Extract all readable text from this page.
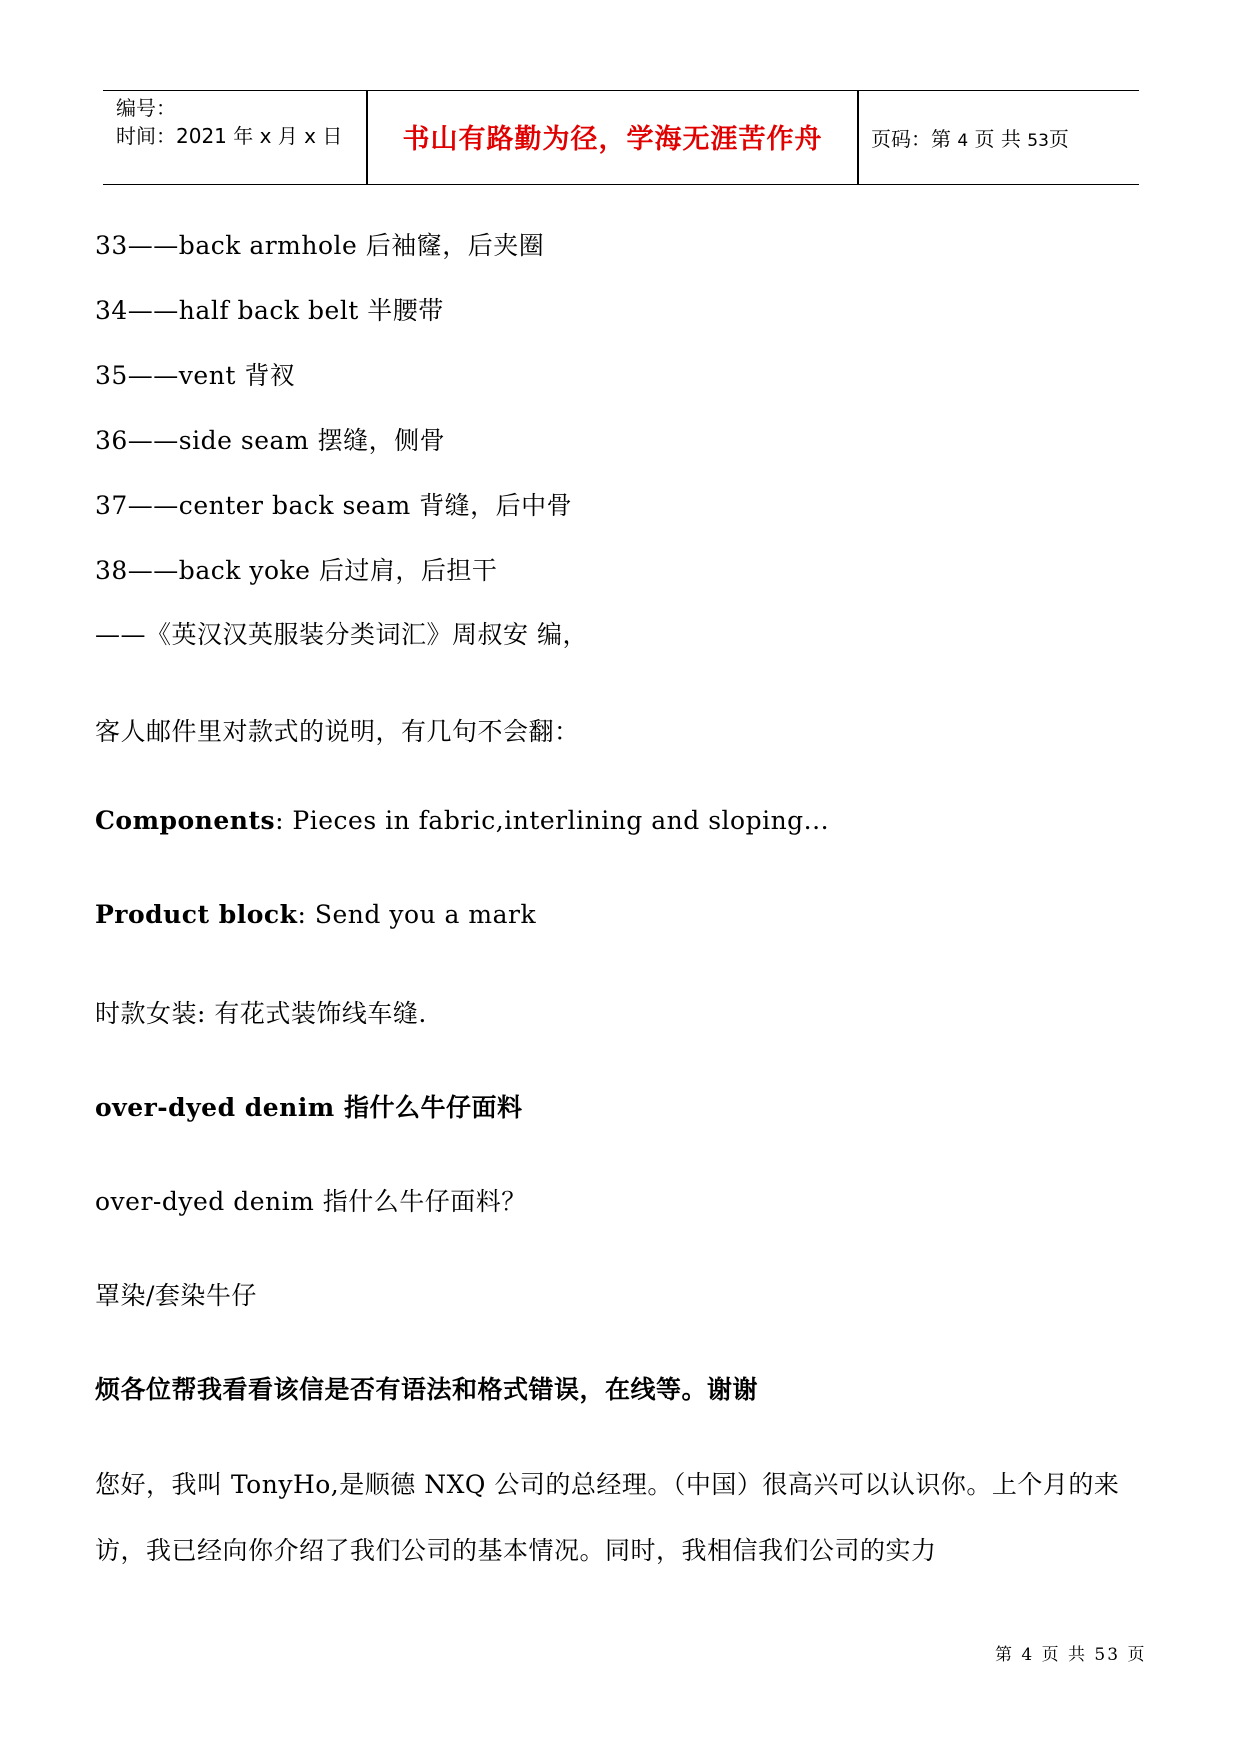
编号：
时间：2021 年 x 月 x 日	书山有路勤为径，学海无涯苦作舟	页码：第 4 页 共 53页
33——back armhole 后袖窿，后夹圈
34——half back belt 半腰带
35——vent 背衩
36——side seam 摆缝，侧骨
37——center back seam 背缝，后中骨
38——back yoke 后过肩，后担干
——《英汉汉英服装分类词汇》周叔安 编，
客人邮件里对款式的说明，有几句不会翻：
Components: Pieces in fabric,interlining and sloping...
Product block: Send you a mark
时款女装: 有花式装饰线车缝.
over-dyed denim 指什么牛仔面料
over-dyed denim 指什么牛仔面料？
罩染/套染牛仔
烦各位帮我看看该信是否有语法和格式错误，在线等。谢谢
您好，我叫 TonyHo,是顺德 NXQ 公司的总经理。（中国）很高兴可以认识你。上个月的来访，我已经向你介绍了我们公司的基本情况。同时，我相信我们公司的实力
第 4 页 共 53 页
